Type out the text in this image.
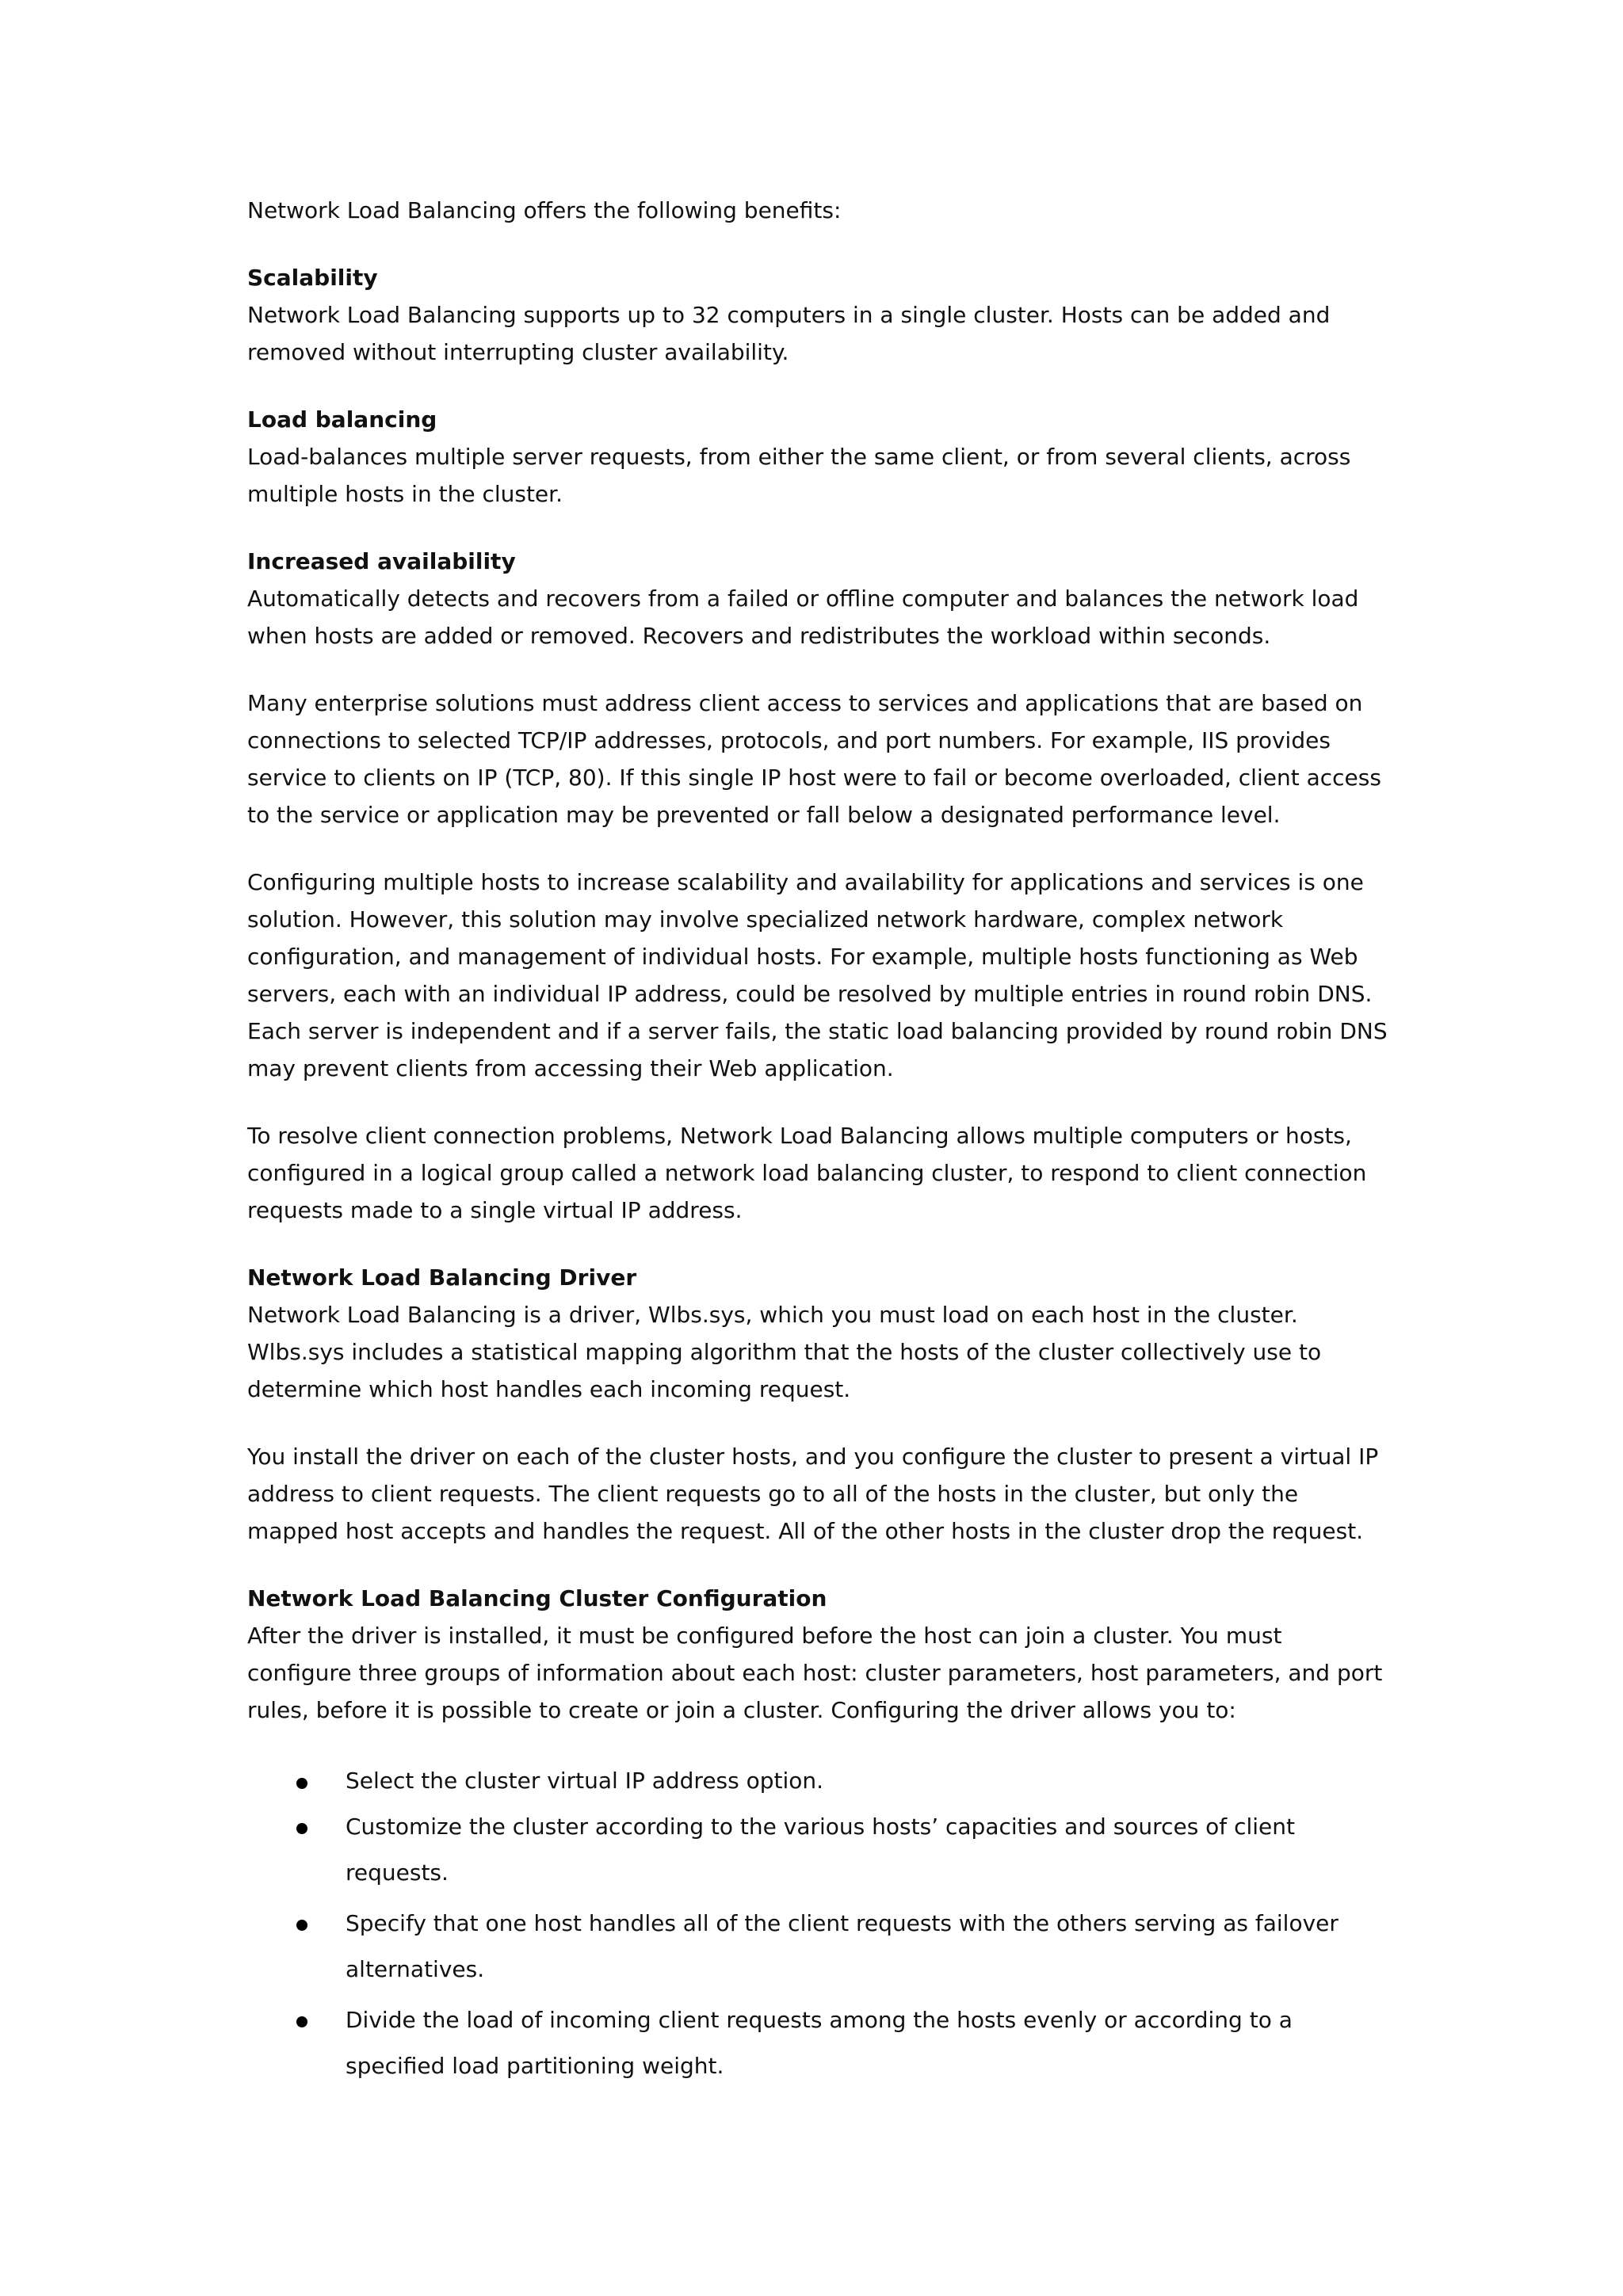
Network Load Balancing offers the following benefits:

Scalability

Network Load Balancing supports up to 32 computers in a single cluster. Hosts can be added and removed without interrupting cluster availability.

Load balancing

Load-balances multiple server requests, from either the same client, or from several clients, across multiple hosts in the cluster.

Increased availability

Automatically detects and recovers from a failed or offline computer and balances the network load when hosts are added or removed. Recovers and redistributes the workload within seconds.

Many enterprise solutions must address client access to services and applications that are based on connections to selected TCP/IP addresses, protocols, and port numbers. For example, IIS provides service to clients on IP (TCP, 80). If this single IP host were to fail or become overloaded, client access to the service or application may be prevented or fall below a designated performance level.

Configuring multiple hosts to increase scalability and availability for applications and services is one solution. However, this solution may involve specialized network hardware, complex network configuration, and management of individual hosts. For example, multiple hosts functioning as Web servers, each with an individual IP address, could be resolved by multiple entries in round robin DNS. Each server is independent and if a server fails, the static load balancing provided by round robin DNS may prevent clients from accessing their Web application.

To resolve client connection problems, Network Load Balancing allows multiple computers or hosts, configured in a logical group called a network load balancing cluster, to respond to client connection requests made to a single virtual IP address.

Network Load Balancing Driver

Network Load Balancing is a driver, Wlbs.sys, which you must load on each host in the cluster. Wlbs.sys includes a statistical mapping algorithm that the hosts of the cluster collectively use to determine which host handles each incoming request.

You install the driver on each of the cluster hosts, and you configure the cluster to present a virtual IP address to client requests. The client requests go to all of the hosts in the cluster, but only the mapped host accepts and handles the request. All of the other hosts in the cluster drop the request.

Network Load Balancing Cluster Configuration

After the driver is installed, it must be configured before the host can join a cluster. You must configure three groups of information about each host: cluster parameters, host parameters, and port rules, before it is possible to create or join a cluster. Configuring the driver allows you to:

Select the cluster virtual IP address option.
Customize the cluster according to the various hosts’ capacities and sources of client requests.
Specify that one host handles all of the client requests with the others serving as failover alternatives.
Divide the load of incoming client requests among the hosts evenly or according to a specified load partitioning weight.
